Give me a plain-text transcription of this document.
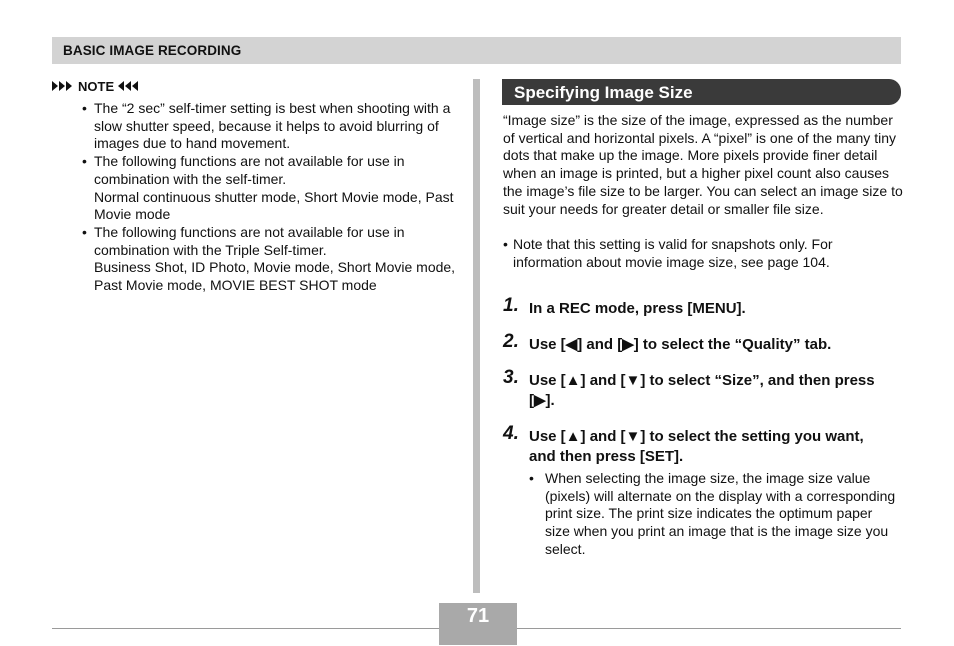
BASIC IMAGE RECORDING
NOTE
• The “2 sec” self-timer setting is best when shooting with a slow shutter speed, because it helps to avoid blurring of images due to hand movement.
• The following functions are not available for use in combination with the self-timer.
Normal continuous shutter mode, Short Movie mode, Past Movie mode
• The following functions are not available for use in combination with the Triple Self-timer.
Business Shot, ID Photo, Movie mode, Short Movie mode, Past Movie mode, MOVIE BEST SHOT mode
Specifying Image Size

“Image size” is the size of the image, expressed as the number of vertical and horizontal pixels. A “pixel” is one of the many tiny dots that make up the image. More pixels provide finer detail when an image is printed, but a higher pixel count also causes the image’s file size to be larger. You can select an image size to suit your needs for greater detail or smaller file size.

• Note that this setting is valid for snapshots only. For information about movie image size, see page 104.
1. In a REC mode, press [MENU].
2. Use [◀] and [▶] to select the “Quality” tab.
3. Use [▲] and [▼] to select “Size”, and then press [▶].
4. Use [▲] and [▼] to select the setting you want, and then press [SET].
• When selecting the image size, the image size value (pixels) will alternate on the display with a corresponding print size. The print size indicates the optimum paper size when you print an image that is the image size you select.
71
